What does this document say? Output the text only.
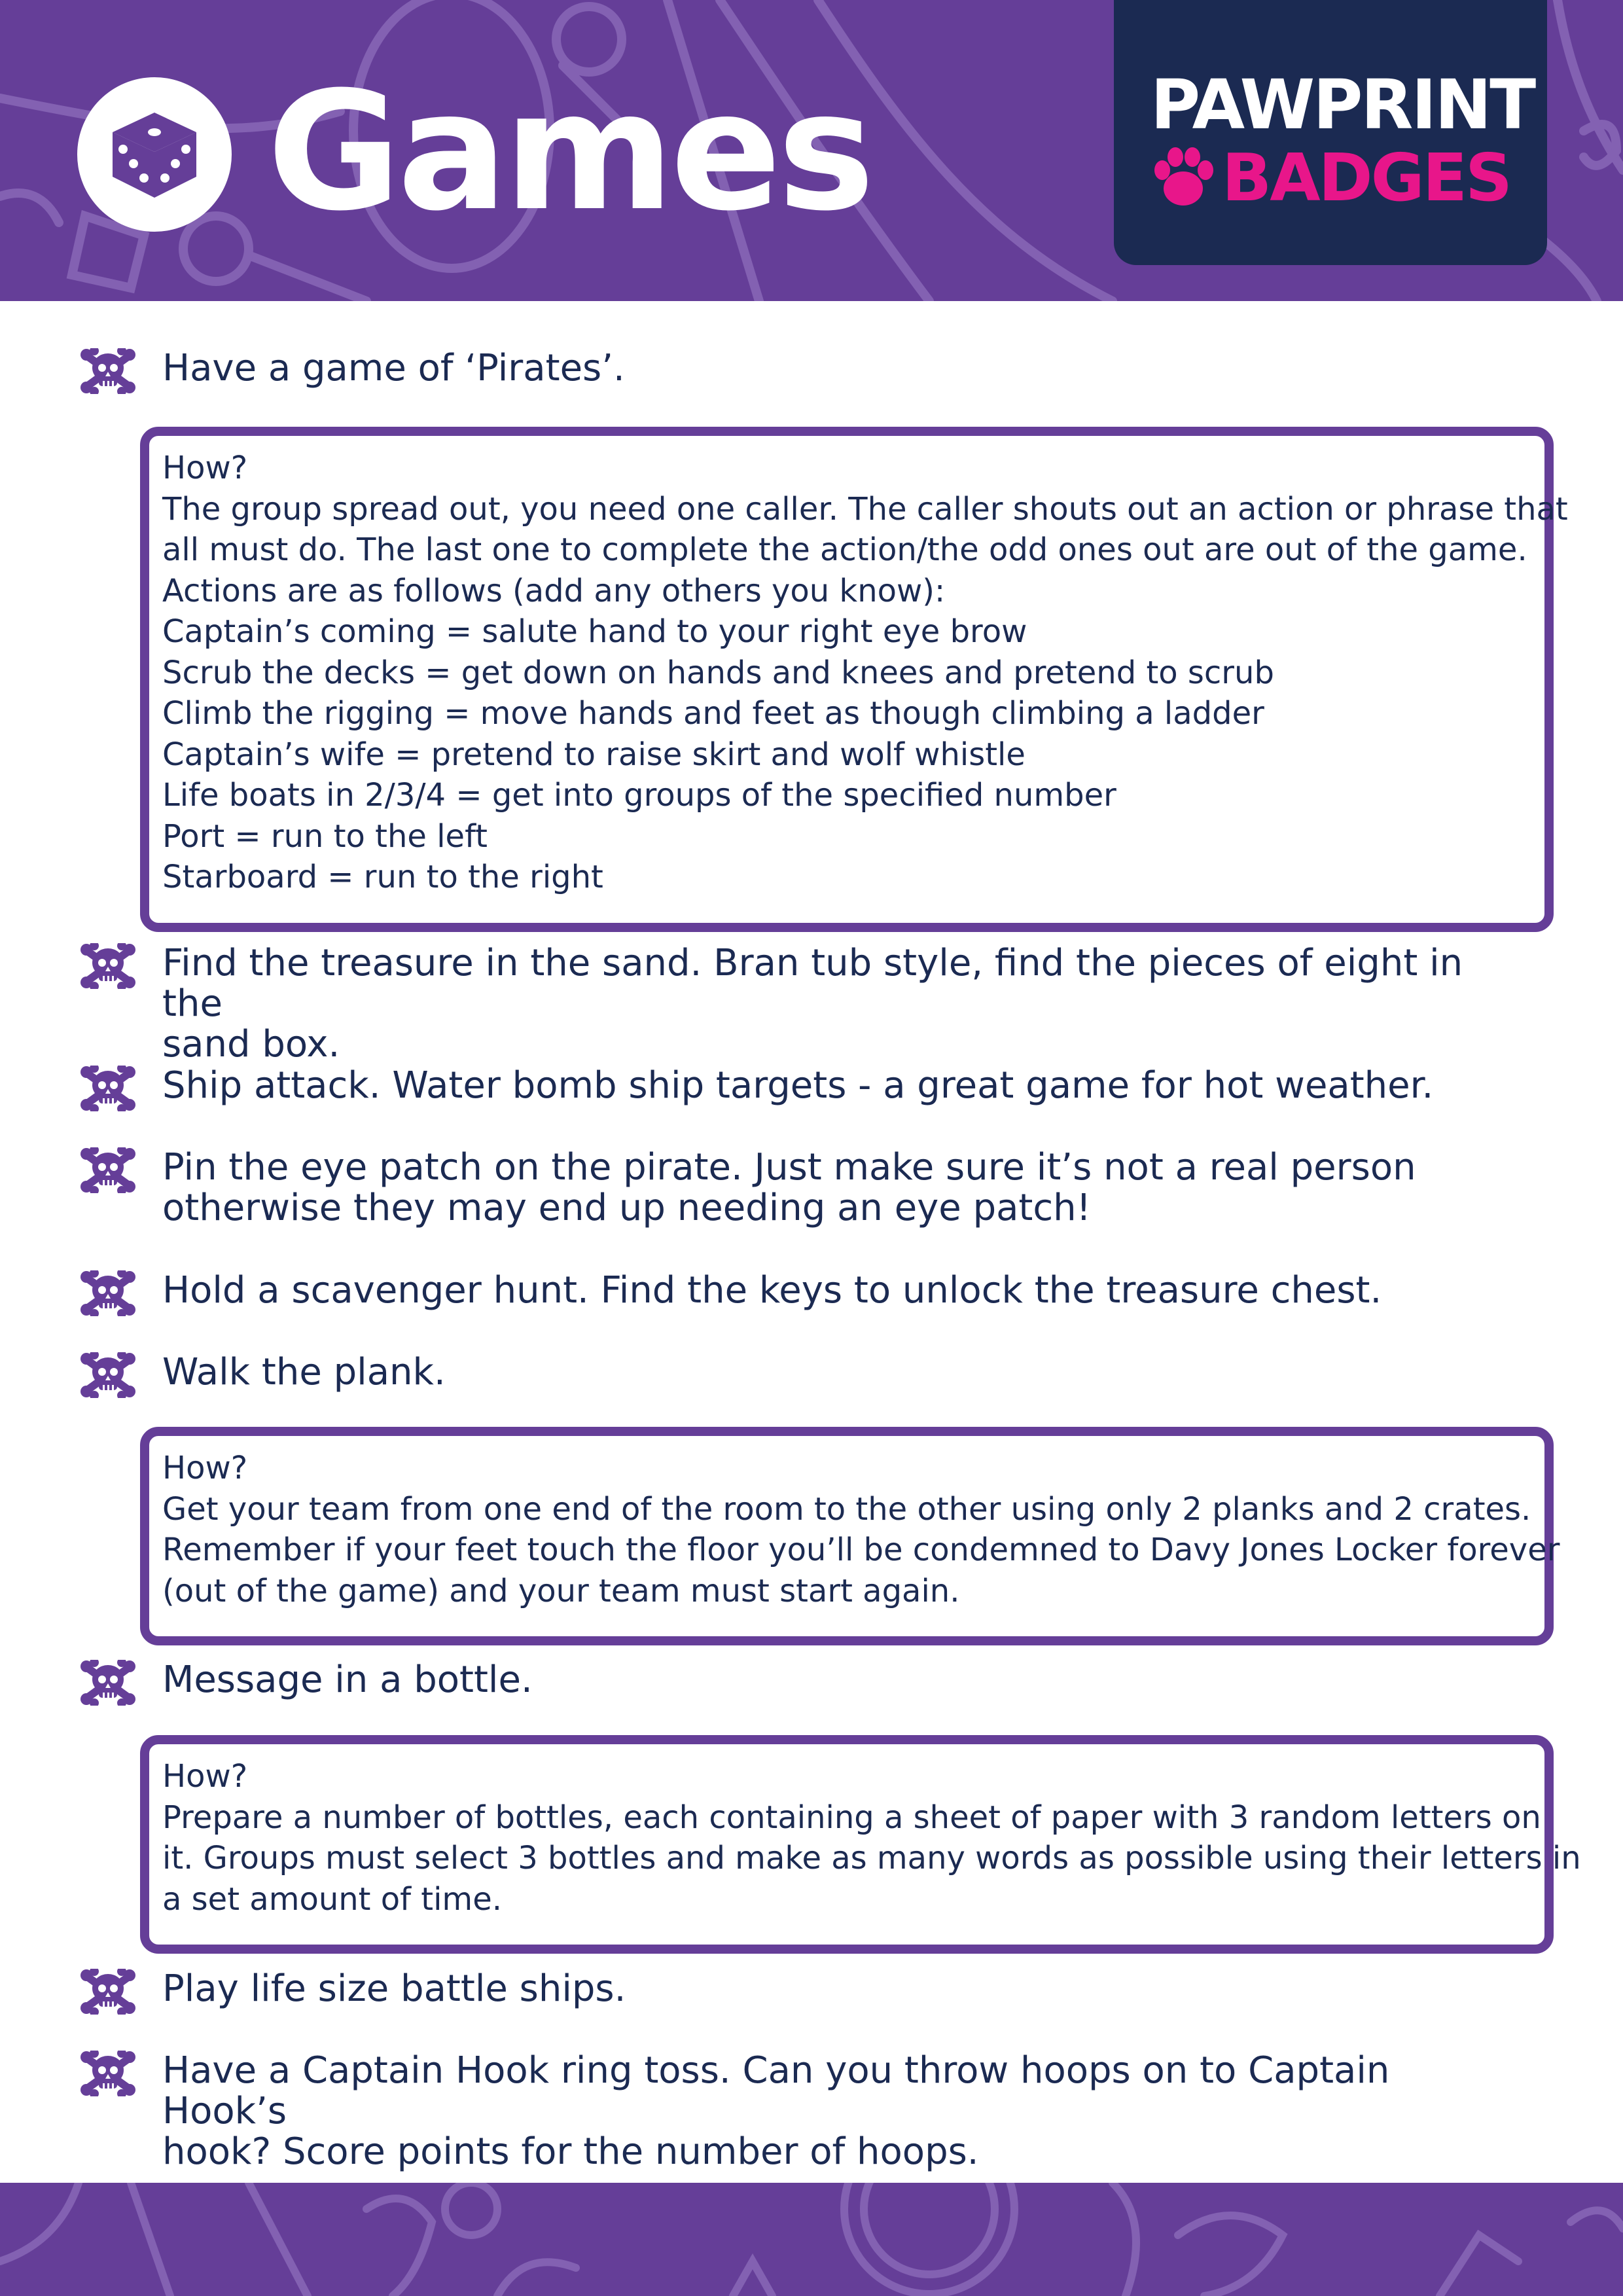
Games	PAWPRINT
BADGES
Have a game of ‘Pirates’.
How?
The group spread out, you need one caller. The caller shouts out an action or phrase that
all must do. The last one to complete the action/the odd ones out are out of the game.
Actions are as follows (add any others you know):
Captain’s coming = salute hand to your right eye brow
Scrub the decks = get down on hands and knees and pretend to scrub
Climb the rigging = move hands and feet as though climbing a ladder
Captain’s wife = pretend to raise skirt and wolf whistle
Life boats in 2/3/4 = get into groups of the specified number
Port = run to the left
Starboard = run to the right
Find the treasure in the sand. Bran tub style, find the pieces of eight in the
sand box.
Ship attack. Water bomb ship targets - a great game for hot weather.
Pin the eye patch on the pirate. Just make sure it’s not a real person
otherwise they may end up needing an eye patch!
Hold a scavenger hunt. Find the keys to unlock the treasure chest.
Walk the plank.
How?
Get your team from one end of the room to the other using only 2 planks and 2 crates.
Remember if your feet touch the floor you’ll be condemned to Davy Jones Locker forever
(out of the game) and your team must start again.
Message in a bottle.
How?
Prepare a number of bottles, each containing a sheet of paper with 3 random letters on
it. Groups must select 3 bottles and make as many words as possible using their letters in
a set amount of time.
Play life size battle ships.
Have a Captain Hook ring toss. Can you throw hoops on to Captain Hook’s
hook? Score points for the number of hoops.
